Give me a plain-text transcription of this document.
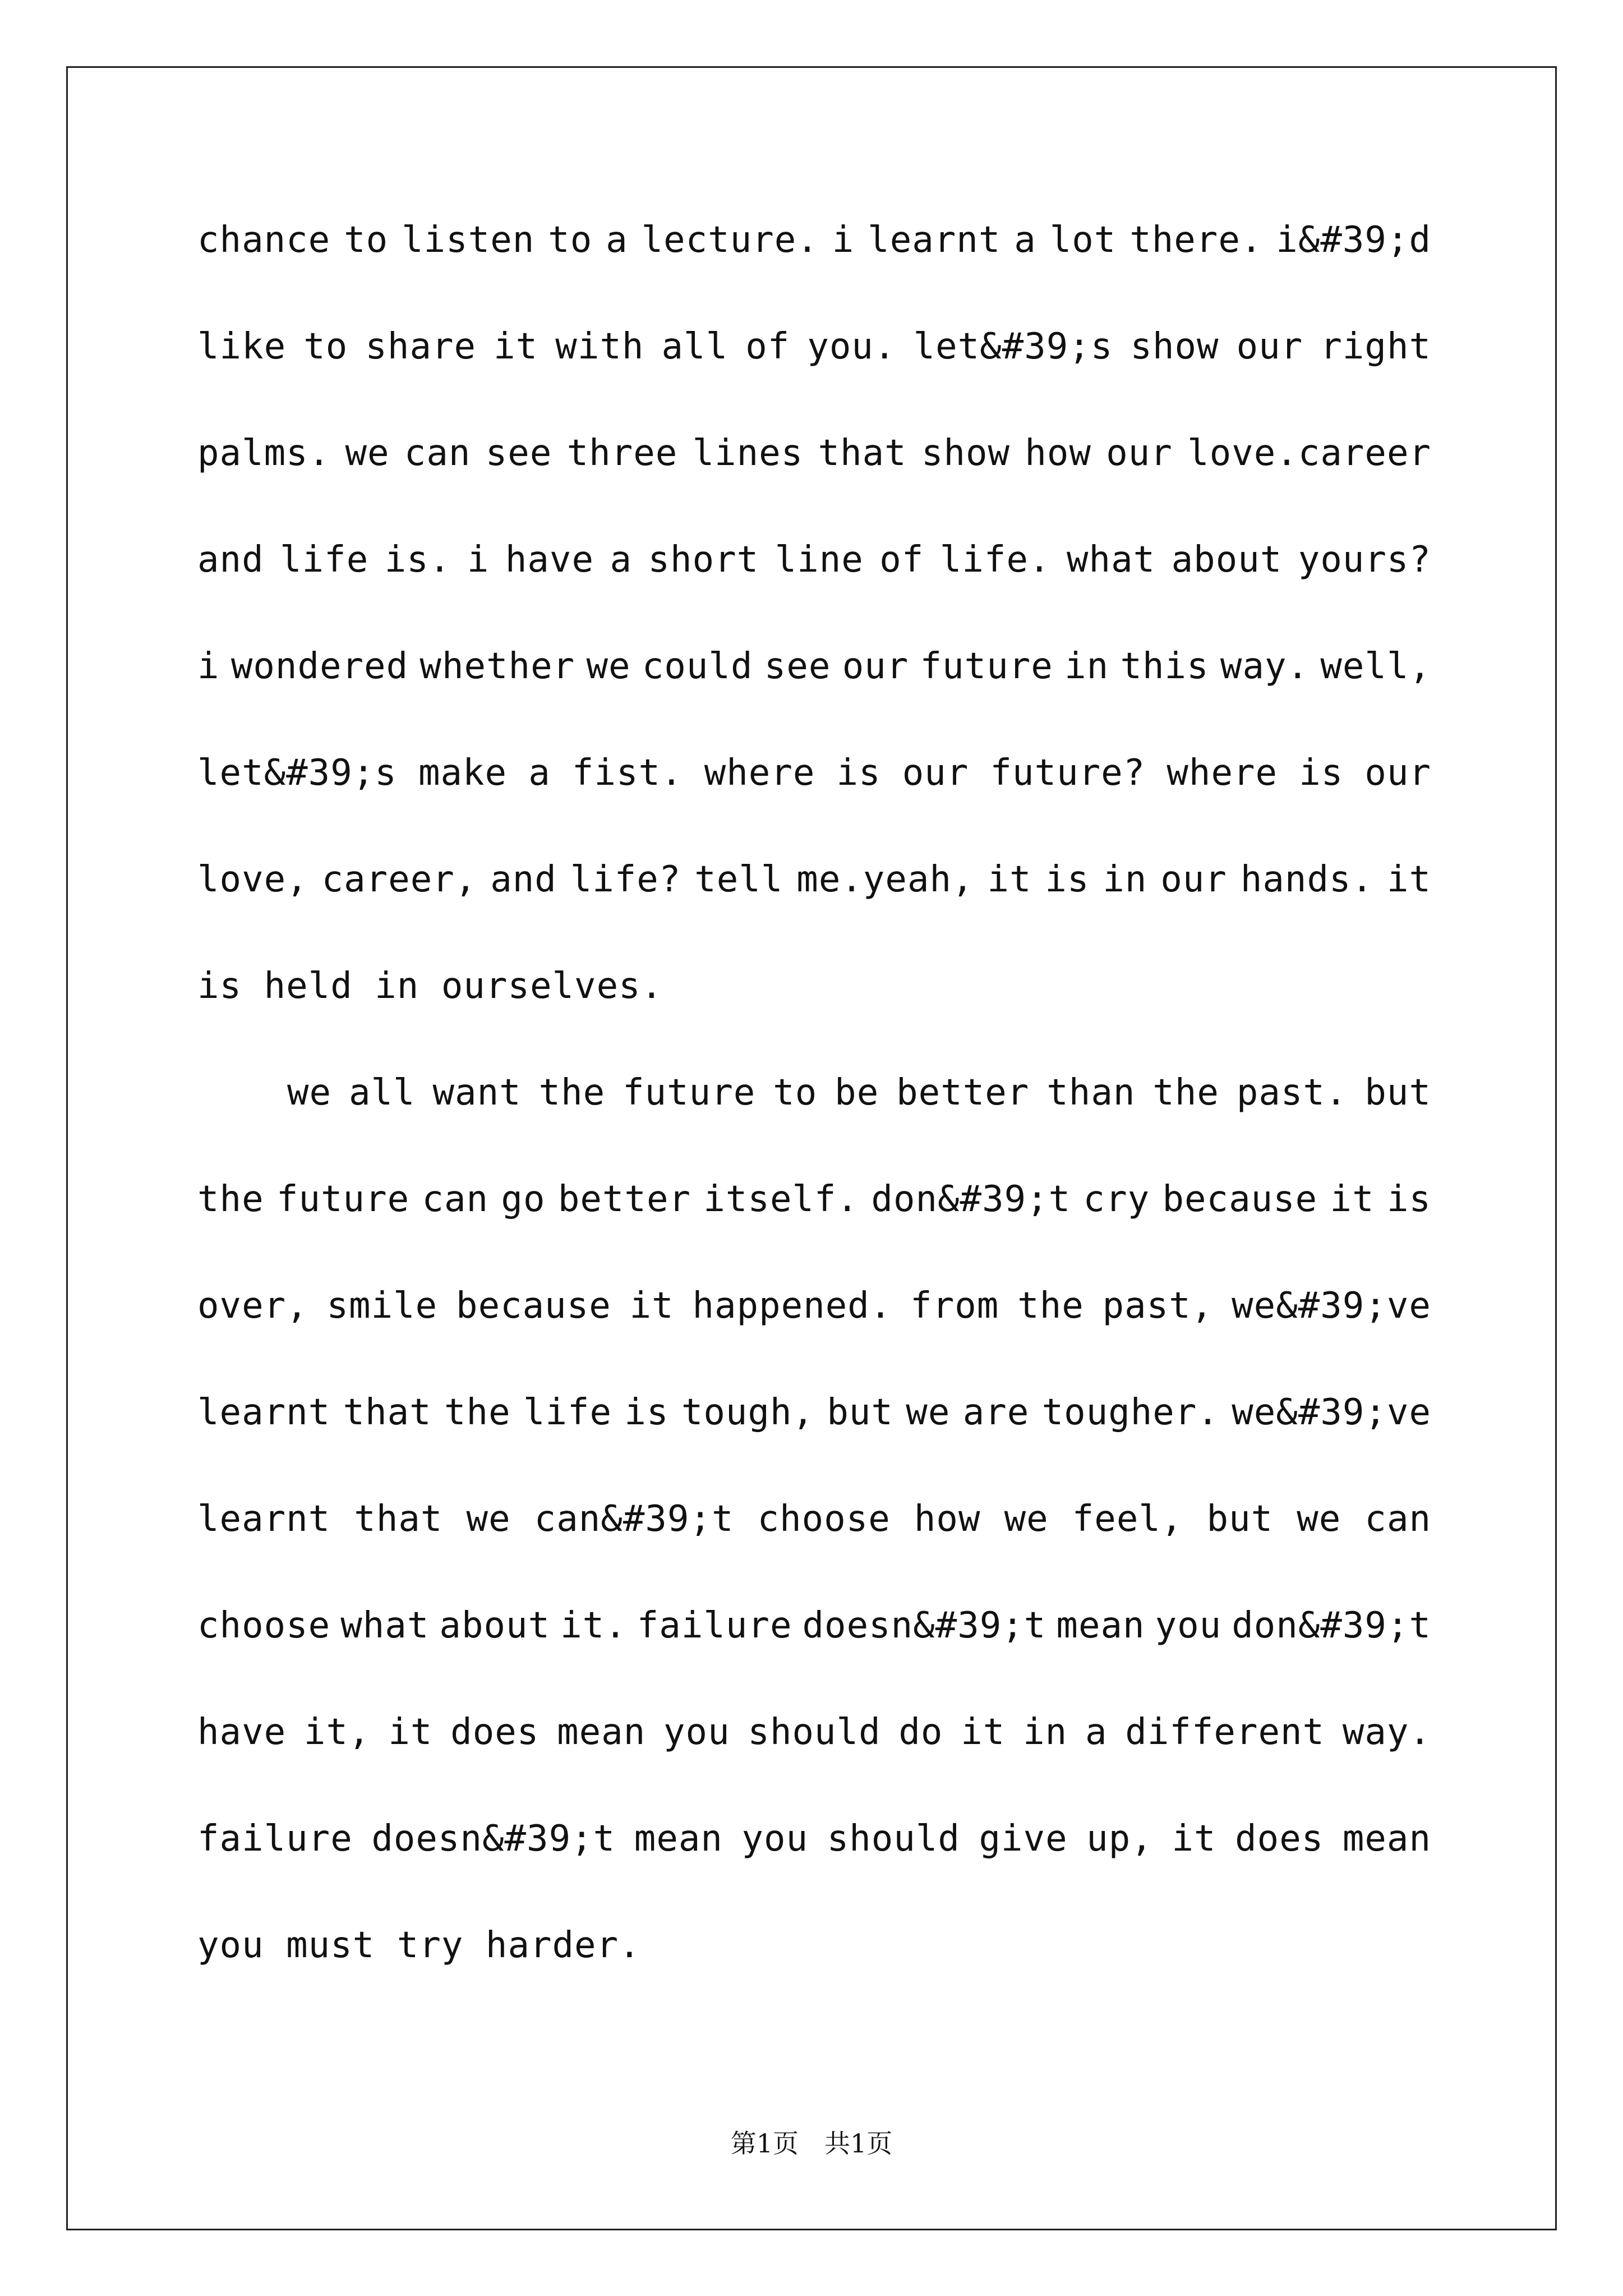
chance to listen to a lecture. i learnt a lot there. i&#39;d
like to share it with all of you. let&#39;s show our right
palms. we can see three lines that show how our love.career
and life is. i have a short line of life. what about yours?
i wondered whether we could see our future in this way. well,
let&#39;s make a fist. where is our future? where is our
love, career, and life? tell me.yeah, it is in our hands. it
is held in ourselves.
we all want the future to be better than the past. but
the future can go better itself. don&#39;t cry because it is
over, smile because it happened. from the past, we&#39;ve
learnt that the life is tough, but we are tougher. we&#39;ve
learnt that we can&#39;t choose how we feel, but we can
choose what about it. failure doesn&#39;t mean you don&#39;t
have it, it does mean you should do it in a different way.
failure doesn&#39;t mean you should give up, it does mean
you must try harder.
第1页　共1页
